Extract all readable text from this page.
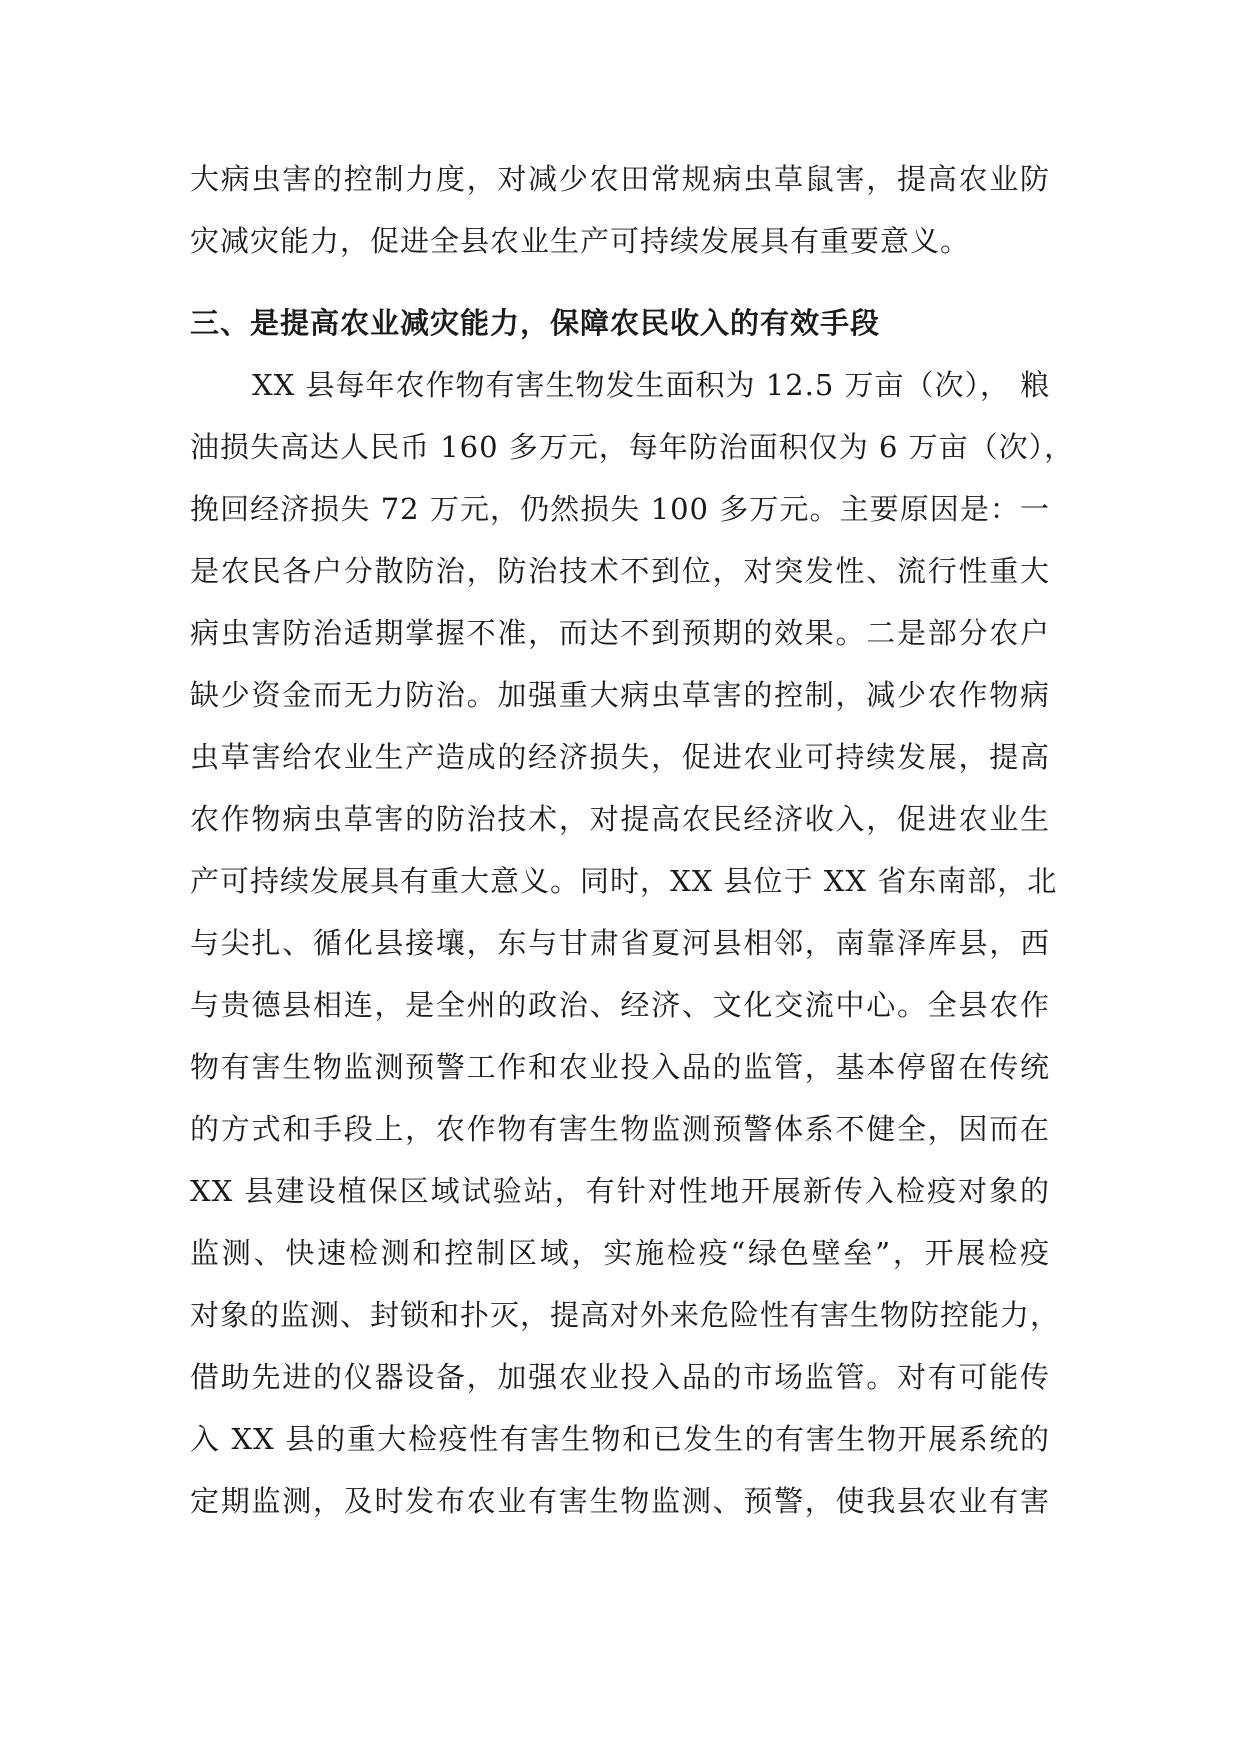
大病虫害的控制力度，对减少农田常规病虫草鼠害，提高农业防
灾减灾能力，促进全县农业生产可持续发展具有重要意义。
三、是提高农业减灾能力，保障农民收入的有效手段
XX 县每年农作物有害生物发生面积为 12.5 万亩（次）， 粮
油损失高达人民币 160 多万元，每年防治面积仅为 6 万亩（次），
挽回经济损失 72 万元，仍然损失 100 多万元。主要原因是：一
是农民各户分散防治，防治技术不到位，对突发性、流行性重大
病虫害防治适期掌握不准，而达不到预期的效果。二是部分农户
缺少资金而无力防治。加强重大病虫草害的控制，减少农作物病
虫草害给农业生产造成的经济损失，促进农业可持续发展，提高
农作物病虫草害的防治技术，对提高农民经济收入，促进农业生
产可持续发展具有重大意义。同时，XX 县位于 XX 省东南部，北
与尖扎、循化县接壤，东与甘肃省夏河县相邻，南靠泽库县，西
与贵德县相连，是全州的政治、经济、文化交流中心。全县农作
物有害生物监测预警工作和农业投入品的监管，基本停留在传统
的方式和手段上，农作物有害生物监测预警体系不健全，因而在
XX 县建设植保区域试验站，有针对性地开展新传入检疫对象的
监测、快速检测和控制区域，实施检疫“绿色壁垒”，开展检疫
对象的监测、封锁和扑灭，提高对外来危险性有害生物防控能力，
借助先进的仪器设备，加强农业投入品的市场监管。对有可能传
入 XX 县的重大检疫性有害生物和已发生的有害生物开展系统的
定期监测，及时发布农业有害生物监测、预警，使我县农业有害
